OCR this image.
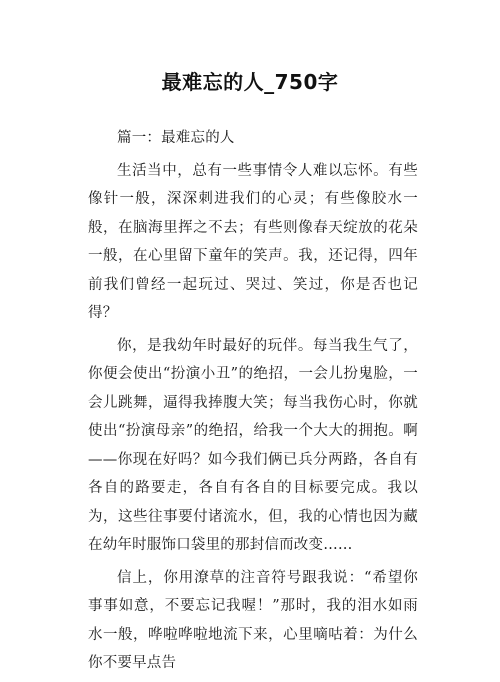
最难忘的人_750字

篇一：最难忘的人

生活当中，总有一些事情令人难以忘怀。有些像针一般，深深刺进我们的心灵；有些像胶水一般，在脑海里挥之不去；有些则像春天绽放的花朵一般，在心里留下童年的笑声。我，还记得，四年前我们曾经一起玩过、哭过、笑过，你是否也记得？

你，是我幼年时最好的玩伴。每当我生气了，你便会使出“扮演小丑”的绝招，一会儿扮鬼脸，一会儿跳舞，逼得我捧腹大笑；每当我伤心时，你就使出“扮演母亲”的绝招，给我一个大大的拥抱。啊——你现在好吗？如今我们俩已兵分两路，各自有各自的路要走，各自有各自的目标要完成。我以为，这些往事要付诸流水，但，我的心情也因为藏在幼年时服饰口袋里的那封信而改变……

信上，你用潦草的注音符号跟我说：“希望你事事如意，不要忘记我喔！”那时，我的泪水如雨水一般，哗啦哗啦地流下来，心里嘀咕着：为什么你不要早点告
